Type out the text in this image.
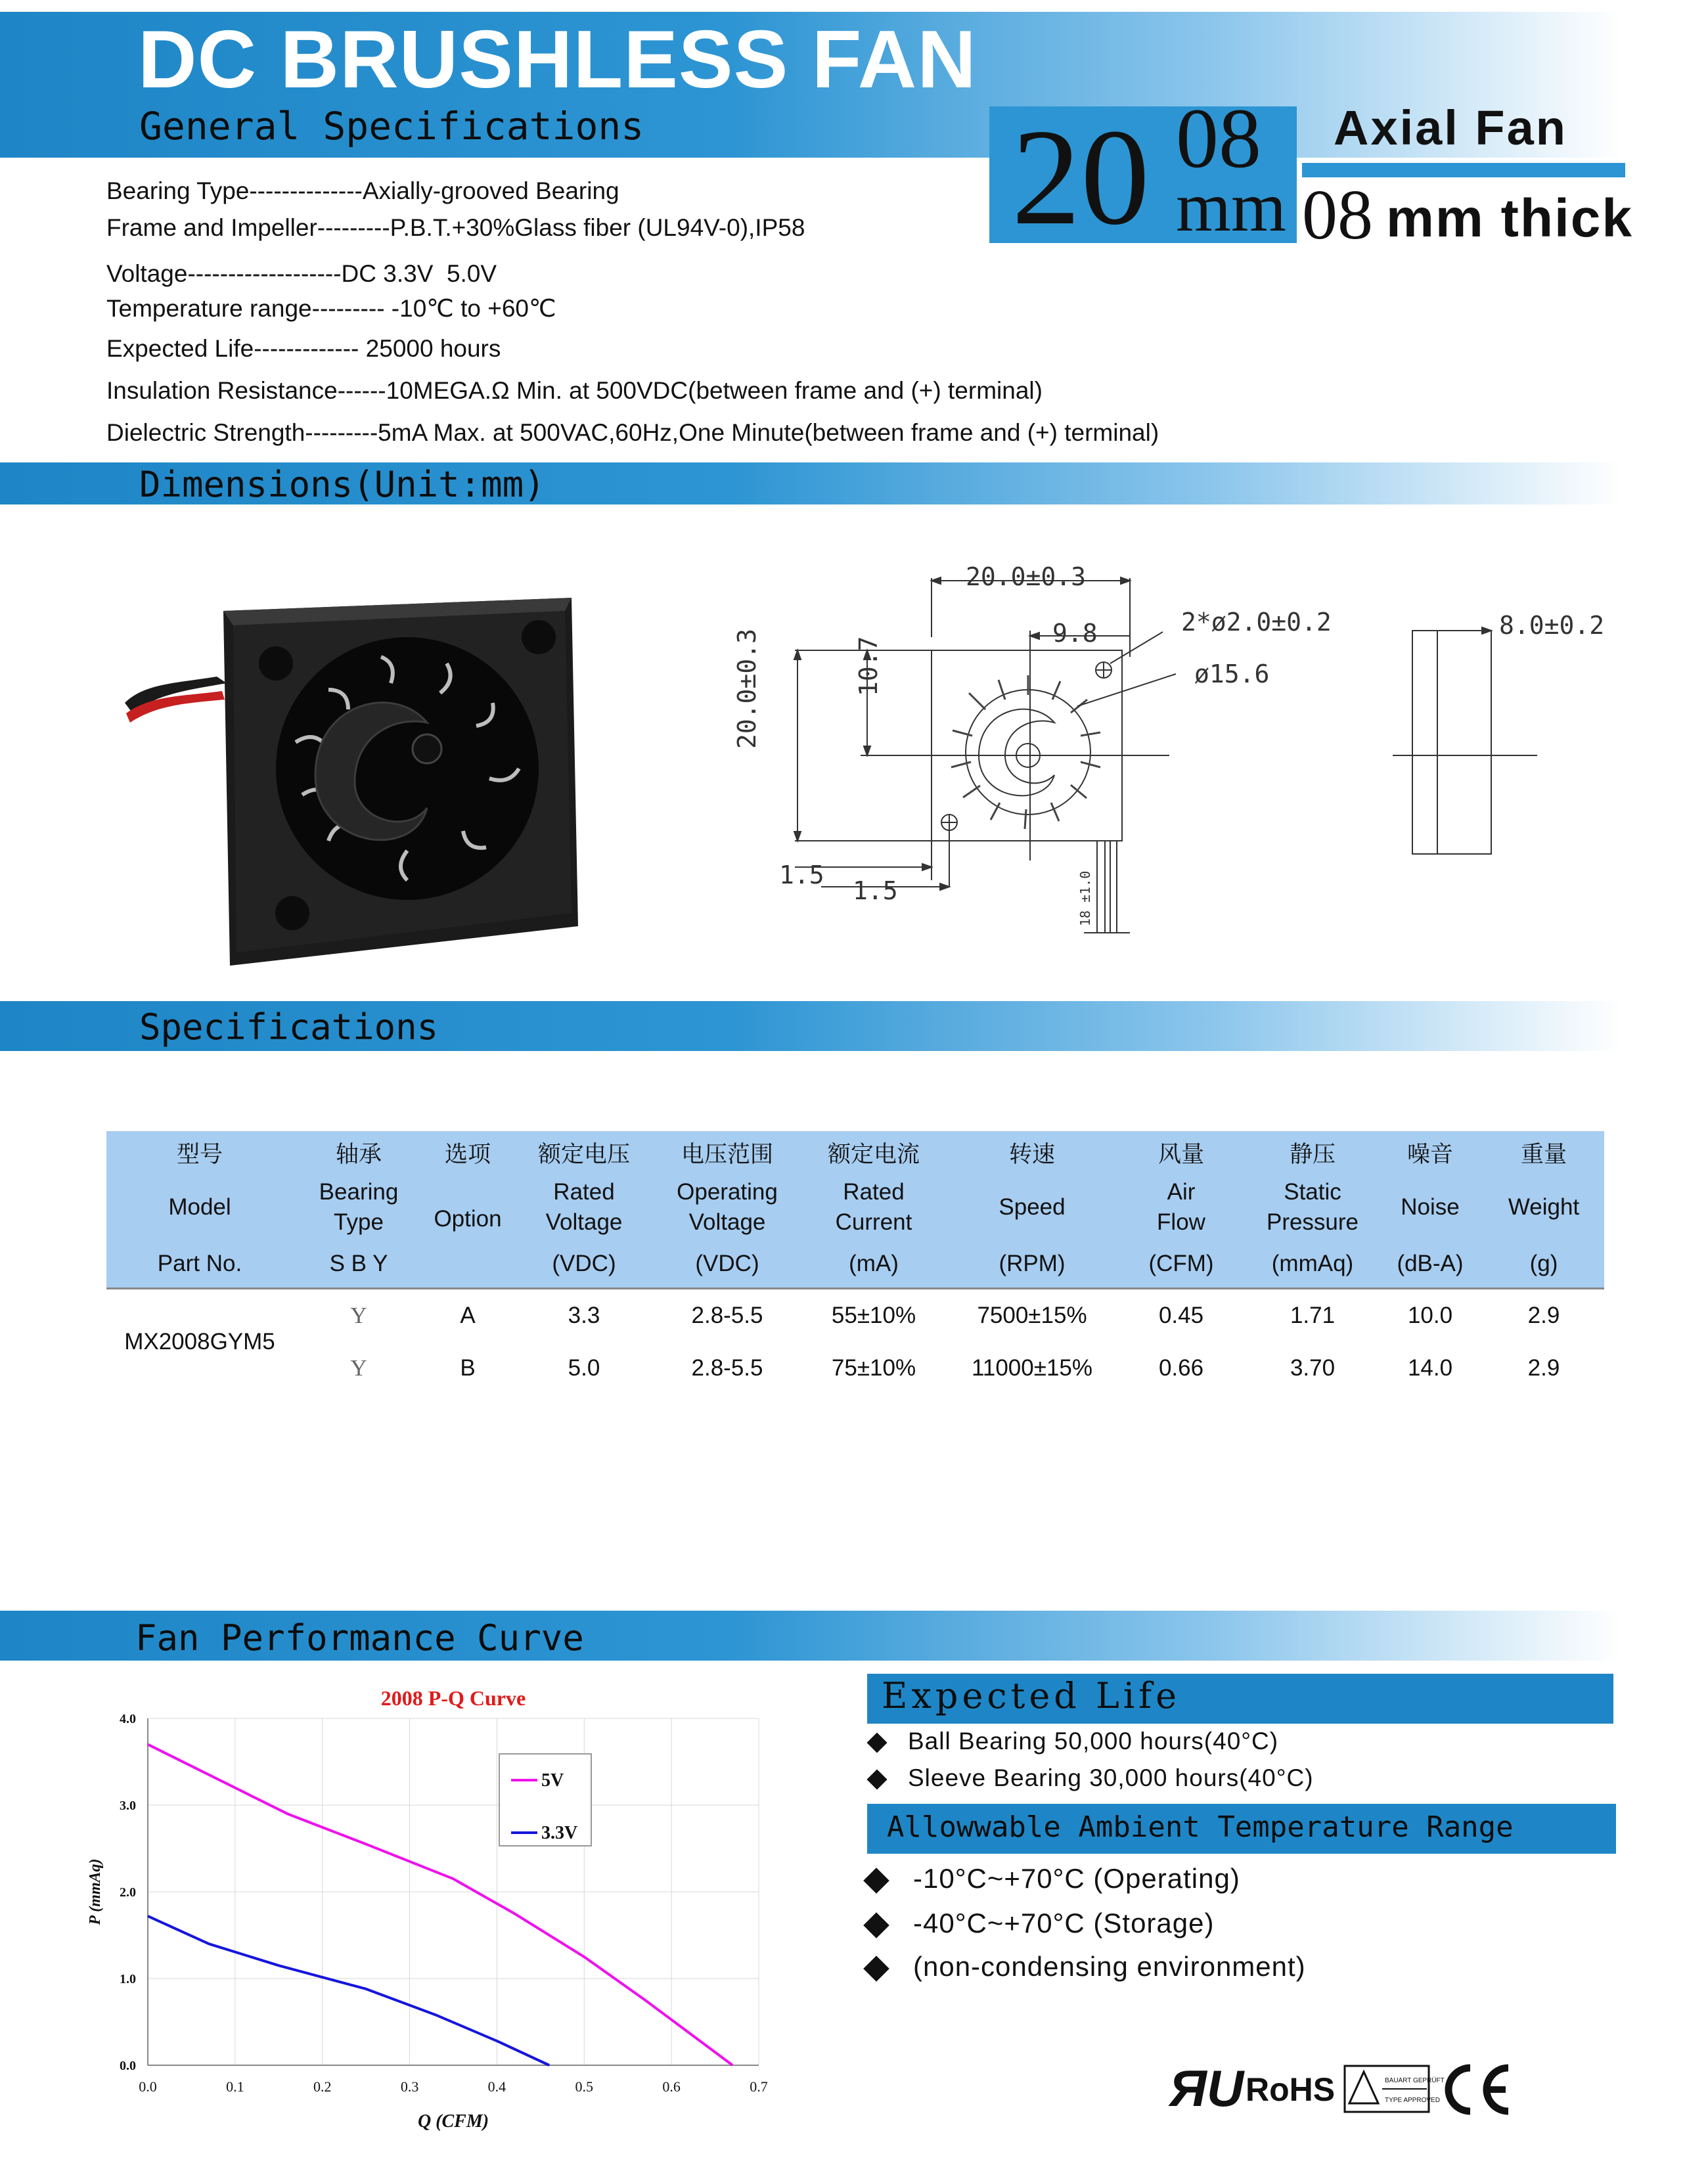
DC BRUSHLESS FAN
General Specifications	20 08
mm
Axial Fan
08 mm thick
Bearing Type--------------Axially-grooved Bearing
Frame and Impeller---------P.B.T.+30%Glass fiber (UL94V-0),IP58
Voltage-------------------DC 3.3V  5.0V
Temperature range--------- -10℃ to +60℃
Expected Life------------- 25000 hours
Insulation Resistance------10MEGA.Ω Min. at 500VDC(between frame and (+) terminal)
Dielectric Strength---------5mA Max. at 500VAC,60Hz,One Minute(between frame and (+) terminal)
Dimensions(Unit:mm)
20.0±0.3
9.8	2*ø2.0±0.2
ø15.6
20.0±0.3	10.7
1.5
1.5	18 ±1.0
8.0±0.2
Specifications
型号	轴承	选项	额定电压	电压范围	额定电流	转速	风量	静压	噪音	重量
Model	Bearing Type	Option	Rated Voltage	Operating Voltage	Rated Current	Speed	Air Flow	Static Pressure	Noise	Weight
Part No.	S B Y		(VDC)	(VDC)	(mA)	(RPM)	(CFM)	(mmAq)	(dB-A)	(g)
MX2008GYM5	Y	A	3.3	2.8-5.5	55±10%	7500±15%	0.45	1.71	10.0	2.9
	Y	B	5.0	2.8-5.5	75±10%	11000±15%	0.66	3.70	14.0	2.9
Fan Performance Curve
0.0	0.1	0.2	0.3	0.4	0.5	0.6	0.7
0.0
1.0
2.0
3.0
4.0
2008 P-Q Curve
Q (CFM)
P (mmAq)
5V
3.3V
Expected Life
Ball Bearing 50,000 hours(40°C)
Sleeve Bearing 30,000 hours(40°C)
Allowwable Ambient Temperature Range
-10°C~+70°C (Operating)
-40°C~+70°C (Storage)
(non-condensing environment)
ЯU RoHS	BAUART GEPRÜFT
TYPE APPROVED
